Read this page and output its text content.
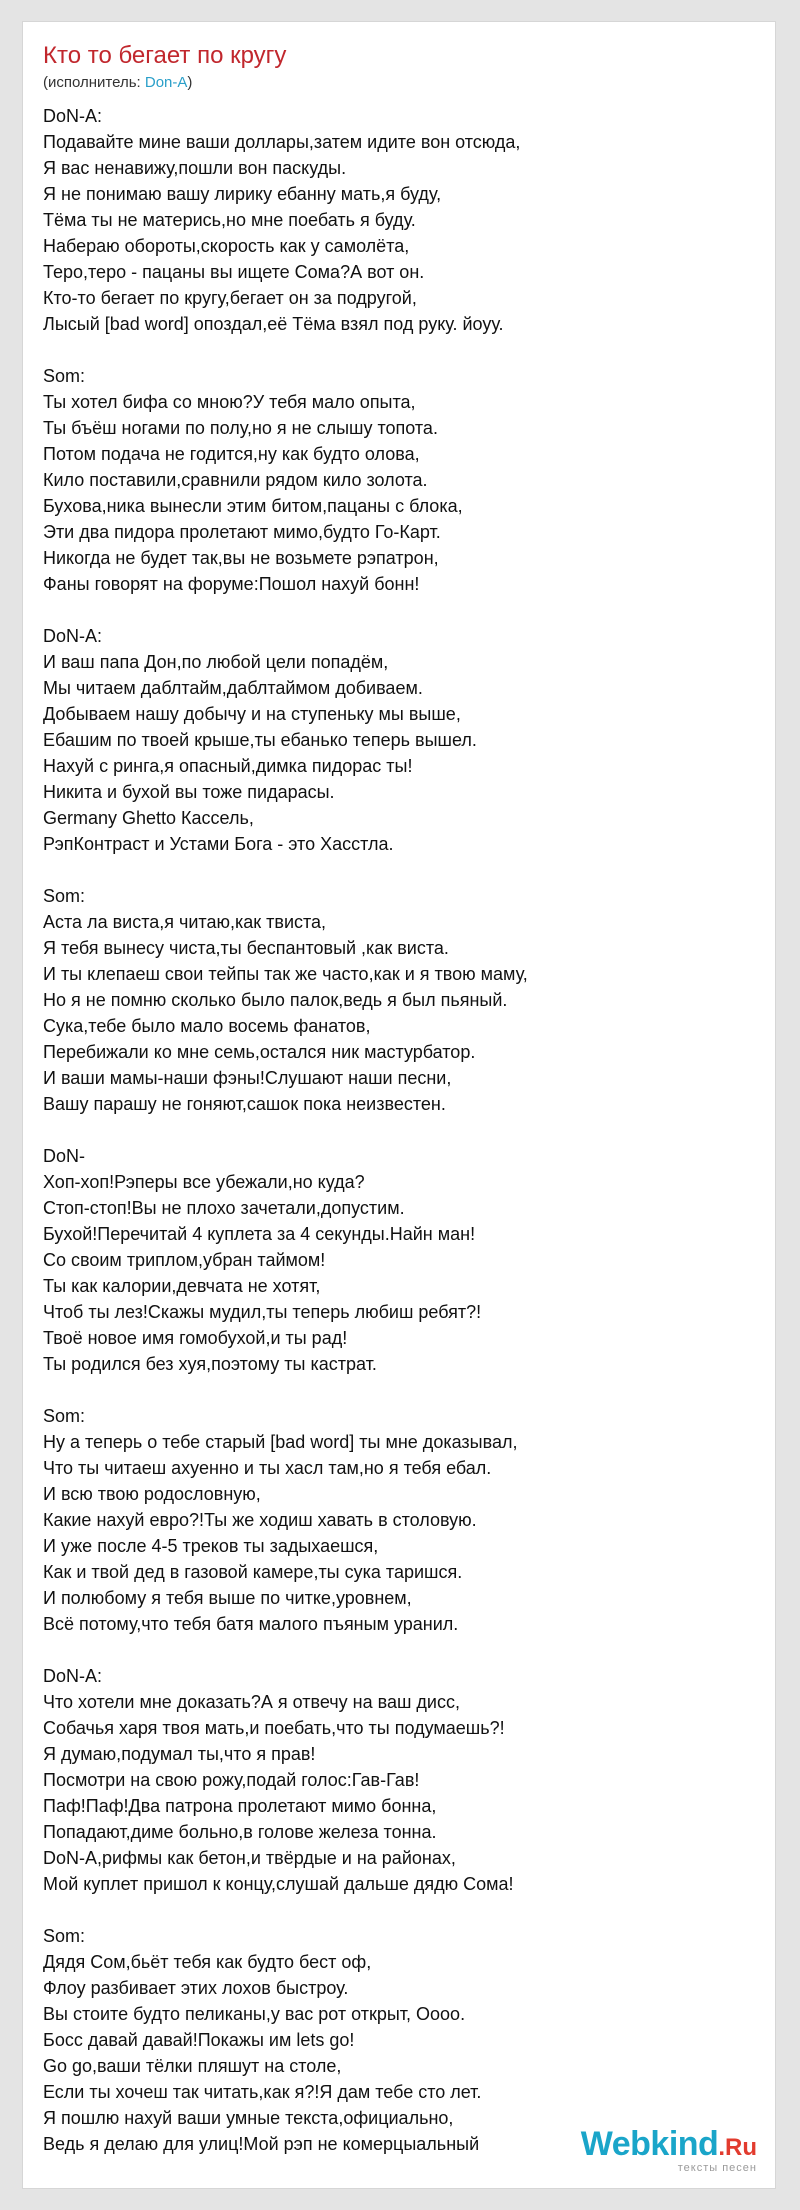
Кто то бегает по кругу
(исполнитель: Don-A)
DoN-A:
Подавайте мине ваши доллары,затем идите вон отсюда,
Я вас ненавижу,пошли вон паскуды.
Я не понимаю вашу лирику ебанну мать,я буду,
Тёма ты не матерись,но мне поебать я буду.
Набераю обороты,скорость как у самолёта,
Теро,теро - пацаны вы ищете Сома?А вот он.
Кто-то бегает по кругу,бегает он за подругой,
Лысый [bad word] опоздал,её Тёма взял под руку. йоуу.
Som:
Ты хотел бифа со мною?У тебя мало опыта,
Ты бъёш ногами по полу,но я не слышу топота.
Потом подача не годится,ну как будто олова,
Кило поставили,сравнили рядом кило золота.
Бухова,ника вынесли этим битом,пацаны с блока,
Эти два пидора пролетают мимо,будто Го-Карт.
Никогда не будет так,вы не возьмете рэпатрон,
Фаны говорят на форуме:Пошол нахуй бонн!
DoN-A:
И ваш папа Дон,по любой цели попадём,
Мы читаем даблтайм,даблтаймом добиваем.
Добываем нашу добычу и на ступеньку мы выше,
Ебашим по твоей крыше,ты ебанько теперь вышел.
Нахуй с ринга,я опасный,димка пидорас ты!
Никита и бухой вы тоже пидарасы.
Germany Ghetto Кассель,
РэпКонтраст и Устами Бога - это Хасстла.
Som:
Аста ла виста,я читаю,как твиста,
Я тебя вынесу чиста,ты беспантовый ,как виста.
И ты клепаеш свои тейпы так же часто,как и я твою маму,
Но я не помню сколько было палок,ведь я был пьяный.
Сука,тебе было мало восемь фанатов,
Перебижали ко мне семь,остался ник мастурбатор.
И ваши мамы-наши фэны!Слушают наши песни,
Вашу парашу не гоняют,сашок пока неизвестен.
DoN-
Хоп-хоп!Рэперы все убежали,но куда?
Стоп-стоп!Вы не плохо зачетали,допустим.
Бухой!Перечитай 4 куплета за 4 секунды.Найн ман!
Со своим триплом,убран таймом!
Ты как калории,девчата не хотят,
Чтоб ты лез!Скажы мудил,ты теперь любиш ребят?!
Твоё новое имя гомобухой,и ты рад!
Ты родился без хуя,поэтому ты кастрат.
Som:
Ну а теперь о тебе старый [bad word] ты мне доказывал,
Что ты читаеш ахуенно и ты хасл там,но я тебя ебал.
И всю твою родословную,
Какие нахуй евро?!Ты же ходиш хавать в столовую.
И уже после 4-5 треков ты задыхаешся,
Как и твой дед в газовой камере,ты сука таришся.
И полюбому я тебя выше по читке,уровнем,
Всё потому,что тебя батя малого пъяным уранил.
DoN-A:
Что хотели мне доказать?А я отвечу на ваш дисс,
Собачья харя твоя мать,и поебать,что ты подумаешь?!
Я думаю,подумал ты,что я прав!
Посмотри на свою рожу,подай голос:Гав-Гав!
Паф!Паф!Два патрона пролетают мимо бонна,
Попадают,диме больно,в голове железа тонна.
DoN-A,рифмы как бетон,и твёрдые и на районах,
Мой куплет пришол к концу,слушай дальше дядю Сома!
Som:
Дядя Сом,бьёт тебя как будто бест оф,
Флоу разбивает этих лохов быстроу.
Вы стоите будто пеликаны,у вас рот открыт, Оооо.
Босс давай давай!Покажы им lets go!
Go go,ваши тёлки пляшут на столе,
Если ты хочеш так читать,как я?!Я дам тебе сто лет.
Я пошлю нахуй ваши умные текста,официально,
Ведь я делаю для улиц!Мой рэп не комерцыальный	Webkind.Ru
тексты песен
